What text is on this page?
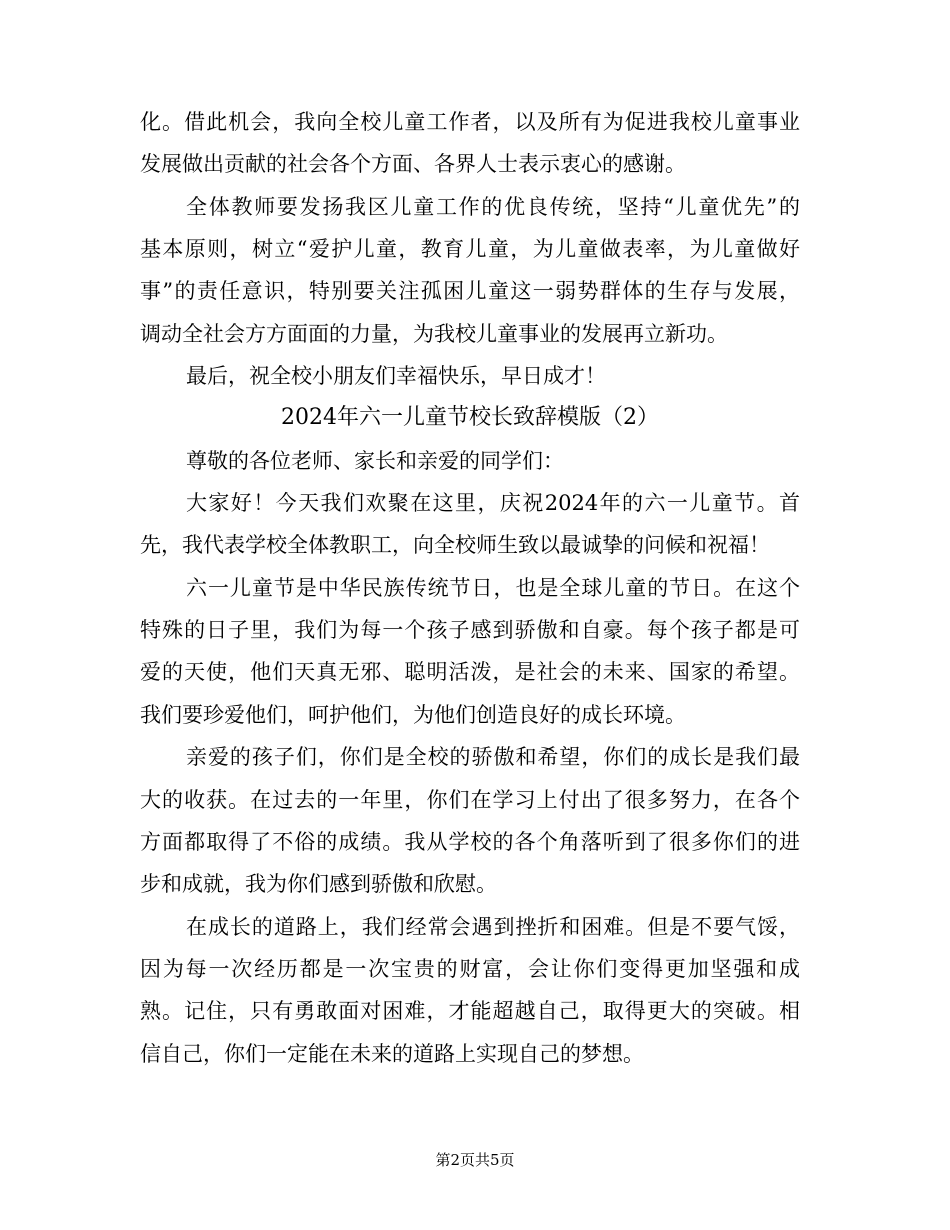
化。借此机会，我向全校儿童工作者，以及所有为促进我校儿童事业
发展做出贡献的社会各个方面、各界人士表示衷心的感谢。
全体教师要发扬我区儿童工作的优良传统，坚持“儿童优先”的
基本原则，树立“爱护儿童，教育儿童，为儿童做表率，为儿童做好
事”的责任意识，特别要关注孤困儿童这一弱势群体的生存与发展，
调动全社会方方面面的力量，为我校儿童事业的发展再立新功。
最后，祝全校小朋友们幸福快乐，早日成才！
2024年六一儿童节校长致辞模版（2）
尊敬的各位老师、家长和亲爱的同学们：
大家好！今天我们欢聚在这里，庆祝2024年的六一儿童节。首
先，我代表学校全体教职工，向全校师生致以最诚挚的问候和祝福！
六一儿童节是中华民族传统节日，也是全球儿童的节日。在这个
特殊的日子里，我们为每一个孩子感到骄傲和自豪。每个孩子都是可
爱的天使，他们天真无邪、聪明活泼，是社会的未来、国家的希望。
我们要珍爱他们，呵护他们，为他们创造良好的成长环境。
亲爱的孩子们，你们是全校的骄傲和希望，你们的成长是我们最
大的收获。在过去的一年里，你们在学习上付出了很多努力，在各个
方面都取得了不俗的成绩。我从学校的各个角落听到了很多你们的进
步和成就，我为你们感到骄傲和欣慰。
在成长的道路上，我们经常会遇到挫折和困难。但是不要气馁，
因为每一次经历都是一次宝贵的财富，会让你们变得更加坚强和成
熟。记住，只有勇敢面对困难，才能超越自己，取得更大的突破。相
信自己，你们一定能在未来的道路上实现自己的梦想。
第2页共5页
